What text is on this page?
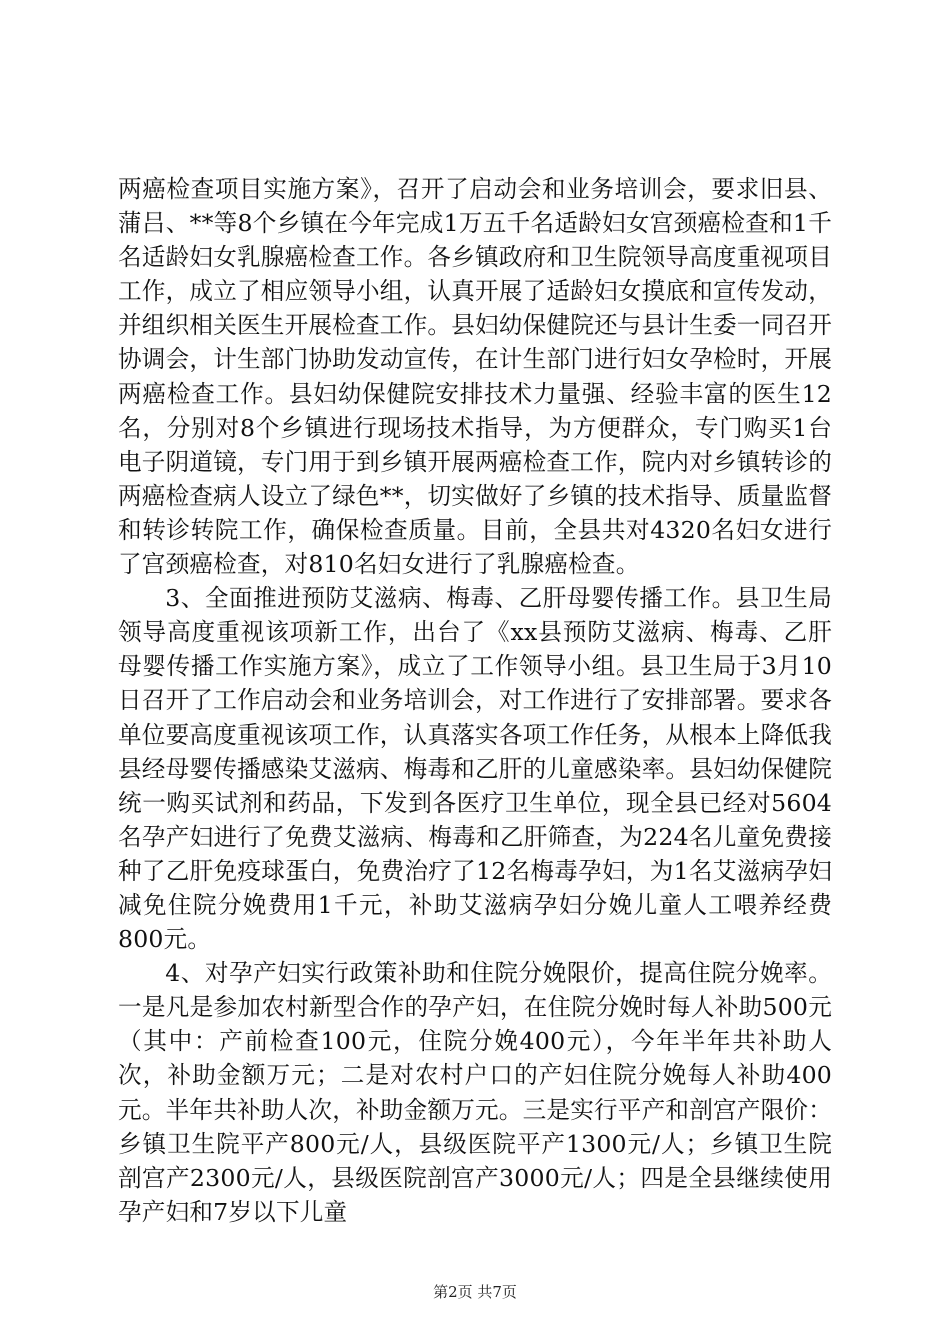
两癌检查项目实施方案》，召开了启动会和业务培训会，要求旧县、蒲吕、**等8个乡镇在今年完成1万五千名适龄妇女宫颈癌检查和1千名适龄妇女乳腺癌检查工作。各乡镇政府和卫生院领导高度重视项目工作，成立了相应领导小组，认真开展了适龄妇女摸底和宣传发动，并组织相关医生开展检查工作。县妇幼保健院还与县计生委一同召开协调会，计生部门协助发动宣传，在计生部门进行妇女孕检时，开展两癌检查工作。县妇幼保健院安排技术力量强、经验丰富的医生12名，分别对8个乡镇进行现场技术指导，为方便群众，专门购买1台电子阴道镜，专门用于到乡镇开展两癌检查工作，院内对乡镇转诊的两癌检查病人设立了绿色**，切实做好了乡镇的技术指导、质量监督和转诊转院工作，确保检查质量。目前，全县共对4320名妇女进行了宫颈癌检查，对810名妇女进行了乳腺癌检查。

3、全面推进预防艾滋病、梅毒、乙肝母婴传播工作。县卫生局领导高度重视该项新工作，出台了《xx县预防艾滋病、梅毒、乙肝母婴传播工作实施方案》，成立了工作领导小组。县卫生局于3月10日召开了工作启动会和业务培训会，对工作进行了安排部署。要求各单位要高度重视该项工作，认真落实各项工作任务，从根本上降低我县经母婴传播感染艾滋病、梅毒和乙肝的儿童感染率。县妇幼保健院统一购买试剂和药品，下发到各医疗卫生单位，现全县已经对5604名孕产妇进行了免费艾滋病、梅毒和乙肝筛查，为224名儿童免费接种了乙肝免疫球蛋白，免费治疗了12名梅毒孕妇，为1名艾滋病孕妇减免住院分娩费用1千元，补助艾滋病孕妇分娩儿童人工喂养经费800元。

4、对孕产妇实行政策补助和住院分娩限价，提高住院分娩率。一是凡是参加农村新型合作的孕产妇，在住院分娩时每人补助500元（其中：产前检查100元，住院分娩400元），今年半年共补助人次，补助金额万元；二是对农村户口的产妇住院分娩每人补助400元。半年共补助人次，补助金额万元。三是实行平产和剖宫产限价：乡镇卫生院平产800元/人，县级医院平产1300元/人；乡镇卫生院剖宫产2300元/人，县级医院剖宫产3000元/人；四是全县继续使用孕产妇和7岁以下儿童

第2页 共7页
